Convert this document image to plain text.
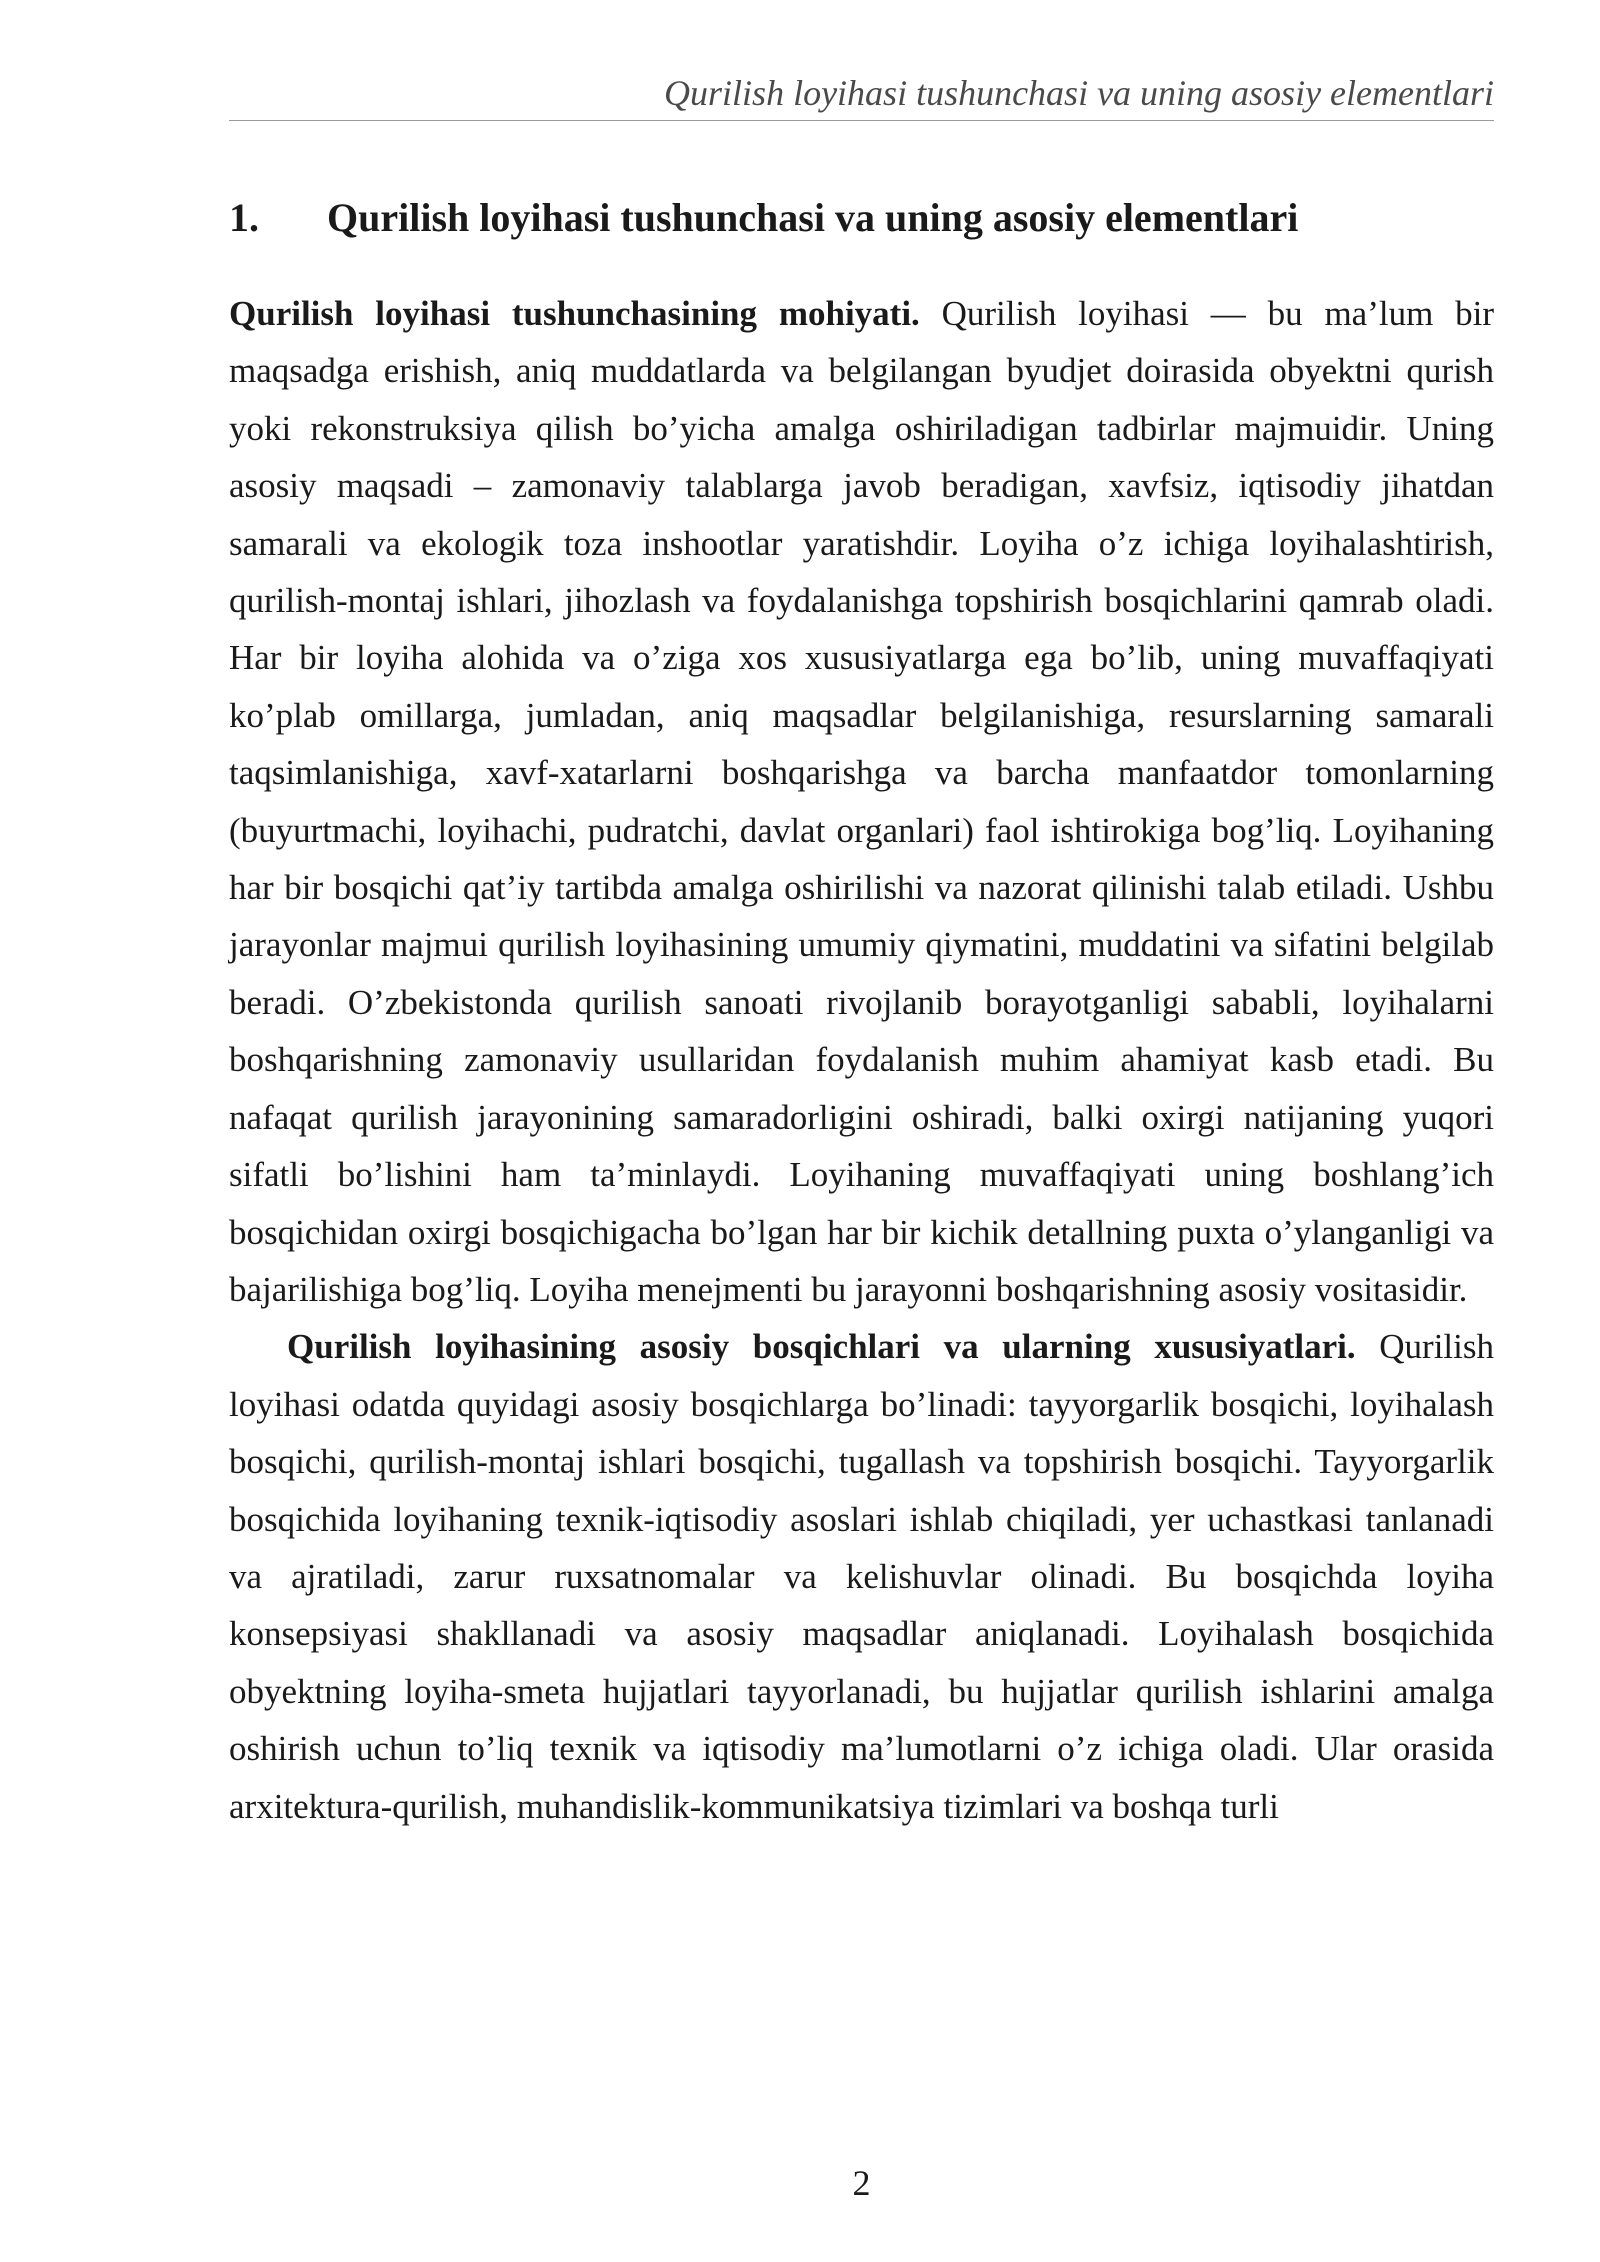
Qurilish loyihasi tushunchasi va uning asosiy elementlari
1. Qurilish loyihasi tushunchasi va uning asosiy elementlari

Qurilish loyihasi tushunchasining mohiyati. Qurilish loyihasi — bu ma’lum bir maqsadga erishish, aniq muddatlarda va belgilangan byudjet doirasida obyektni qurish yoki rekonstruksiya qilish bo’yicha amalga oshiriladigan tadbirlar majmuidir. Uning asosiy maqsadi – zamonaviy talablarga javob beradigan, xavfsiz, iqtisodiy jihatdan samarali va ekologik toza inshootlar yaratishdir. Loyiha o’z ichiga loyihalashtirish, qurilish-montaj ishlari, jihozlash va foydalanishga topshirish bosqichlarini qamrab oladi. Har bir loyiha alohida va o’ziga xos xususiyatlarga ega bo’lib, uning muvaffaqiyati ko’plab omillarga, jumladan, aniq maqsadlar belgilanishiga, resurslarning samarali taqsimlanishiga, xavf-xatarlarni boshqarishga va barcha manfaatdor tomonlarning (buyurtmachi, loyihachi, pudratchi, davlat organlari) faol ishtirokiga bog’liq. Loyihaning har bir bosqichi qat’iy tartibda amalga oshirilishi va nazorat qilinishi talab etiladi. Ushbu jarayonlar majmui qurilish loyihasining umumiy qiymatini, muddatini va sifatini belgilab beradi. O’zbekistonda qurilish sanoati rivojlanib borayotganligi sababli, loyihalarni boshqarishning zamonaviy usullaridan foydalanish muhim ahamiyat kasb etadi. Bu nafaqat qurilish jarayonining samaradorligini oshiradi, balki oxirgi natijaning yuqori sifatli bo’lishini ham ta’minlaydi. Loyihaning muvaffaqiyati uning boshlang’ich bosqichidan oxirgi bosqichigacha bo’lgan har bir kichik detallning puxta o’ylanganligi va bajarilishiga bog’liq. Loyiha menejmenti bu jarayonni boshqarishning asosiy vositasidir.

Qurilish loyihasining asosiy bosqichlari va ularning xususiyatlari. Qurilish loyihasi odatda quyidagi asosiy bosqichlarga bo’linadi: tayyorgarlik bosqichi, loyihalash bosqichi, qurilish-montaj ishlari bosqichi, tugallash va topshirish bosqichi. Tayyorgarlik bosqichida loyihaning texnik-iqtisodiy asoslari ishlab chiqiladi, yer uchastkasi tanlanadi va ajratiladi, zarur ruxsatnomalar va kelishuvlar olinadi. Bu bosqichda loyiha konsepsiyasi shakllanadi va asosiy maqsadlar aniqlanadi. Loyihalash bosqichida obyektning loyiha-smeta hujjatlari tayyorlanadi, bu hujjatlar qurilish ishlarini amalga oshirish uchun to’liq texnik va iqtisodiy ma’lumotlarni o’z ichiga oladi. Ular orasida arxitektura-qurilish, muhandislik-kommunikatsiya tizimlari va boshqa turli

2
